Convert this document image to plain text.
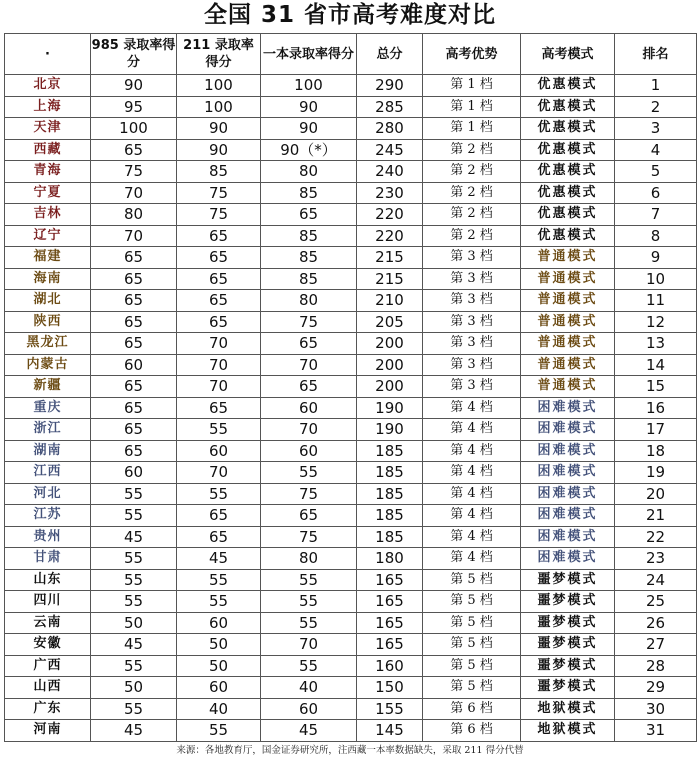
全国 31 省市高考难度对比
·	985 录取率得分	211 录取率得分	一本录取率得分	总分	高考优势	高考模式	排名
北京	90	100	100	290	第 1 档	优惠模式	1
上海	95	100	90	285	第 1 档	优惠模式	2
天津	100	90	90	280	第 1 档	优惠模式	3
西藏	65	90	90（*）	245	第 2 档	优惠模式	4
青海	75	85	80	240	第 2 档	优惠模式	5
宁夏	70	75	85	230	第 2 档	优惠模式	6
吉林	80	75	65	220	第 2 档	优惠模式	7
辽宁	70	65	85	220	第 2 档	优惠模式	8
福建	65	65	85	215	第 3 档	普通模式	9
海南	65	65	85	215	第 3 档	普通模式	10
湖北	65	65	80	210	第 3 档	普通模式	11
陕西	65	65	75	205	第 3 档	普通模式	12
黑龙江	65	70	65	200	第 3 档	普通模式	13
内蒙古	60	70	70	200	第 3 档	普通模式	14
新疆	65	70	65	200	第 3 档	普通模式	15
重庆	65	65	60	190	第 4 档	困难模式	16
浙江	65	55	70	190	第 4 档	困难模式	17
湖南	65	60	60	185	第 4 档	困难模式	18
江西	60	70	55	185	第 4 档	困难模式	19
河北	55	55	75	185	第 4 档	困难模式	20
江苏	55	65	65	185	第 4 档	困难模式	21
贵州	45	65	75	185	第 4 档	困难模式	22
甘肃	55	45	80	180	第 4 档	困难模式	23
山东	55	55	55	165	第 5 档	噩梦模式	24
四川	55	55	55	165	第 5 档	噩梦模式	25
云南	50	60	55	165	第 5 档	噩梦模式	26
安徽	45	50	70	165	第 5 档	噩梦模式	27
广西	55	50	55	160	第 5 档	噩梦模式	28
山西	50	60	40	150	第 5 档	噩梦模式	29
广东	55	40	60	155	第 6 档	地狱模式	30
河南	45	55	45	145	第 6 档	地狱模式	31
来源：各地教育厅，国金证券研究所，注西藏一本率数据缺失，采取 211 得分代替
